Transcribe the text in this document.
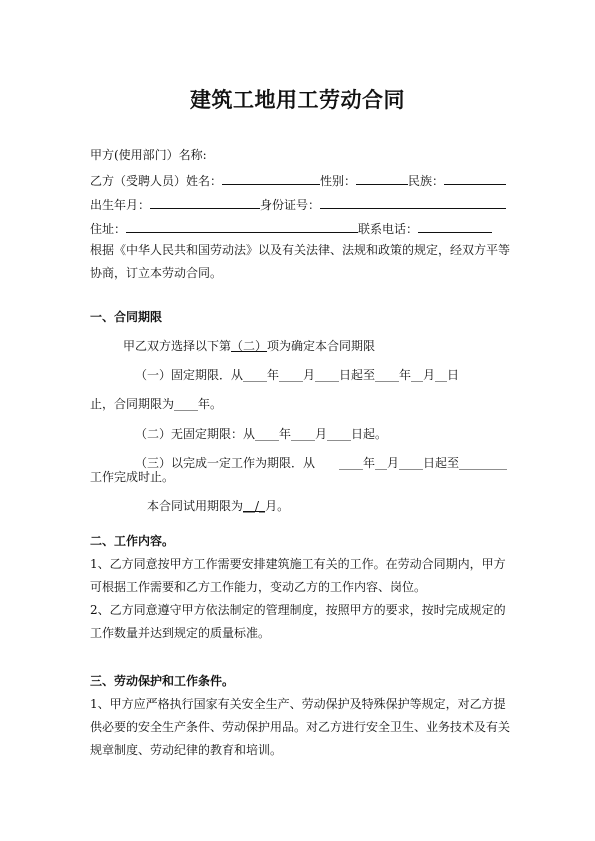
建筑工地用工劳动合同
甲方(使用部门）名称:
乙方（受聘人员）姓名：	性别：	民族：
出生年月：	身份证号：
住址：	联系电话：
根据《中华人民共和国劳动法》以及有关法律、法规和政策的规定，经双方平等
协商，订立本劳动合同。
一、合同期限
甲乙双方选择以下第（二）项为确定本合同期限
（一）固定期限．从____年____月____日起至____年__月__日
止，合同期限为____年。
（二）无固定期限：从____年____月____日起。
（三）以完成一定工作为期限．从　　____年__月____日起至________
工作完成时止。
本合同试用期限为__/_月。
二、工作内容。
1、乙方同意按甲方工作需要安排建筑施工有关的工作。在劳动合同期内，甲方
可根据工作需要和乙方工作能力，变动乙方的工作内容、岗位。
2、乙方同意遵守甲方依法制定的管理制度，按照甲方的要求，按时完成规定的
工作数量并达到规定的质量标准。
三、劳动保护和工作条件。
1、甲方应严格执行国家有关安全生产、劳动保护及特殊保护等规定，对乙方提
供必要的安全生产条件、劳动保护用品。对乙方进行安全卫生、业务技术及有关
规章制度、劳动纪律的教育和培训。
